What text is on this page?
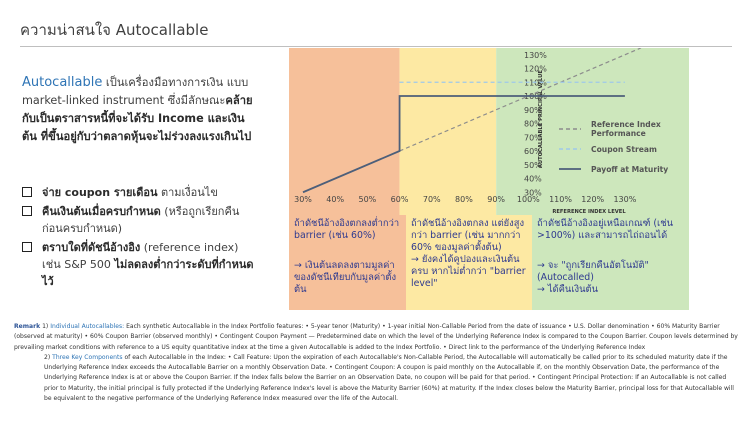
ความน่าสนใจ Autocallable
Autocallable เป็นเครื่องมือทางการเงิน แบบ market-linked instrument ซึ่งมีลักษณะคล้ายกับเป็นตราสารหนี้ที่จะได้รับ Income และเงินต้น ที่ขึ้นอยู่กับว่าตลาดหุ้นจะไม่ร่วงลงแรงเกินไป
จ่าย coupon รายเดือน ตามเงื่อนไข
คืนเงินต้นเมื่อครบกำหนด (หรือถูกเรียกคืนก่อนครบกำหนด)
ตราบใดที่ดัชนีอ้างอิง (reference index) เช่น S&P 500 ไม่ลดลงต่ำกว่าระดับที่กำหนดไว้
30%
40%
50%
60%
70%
80%
90%
100%
110%
120%
130%
30% 40% 50% 60% 70% 80% 90% 100% 110% 120% 130%
REFERENCE INDEX LEVEL
AUTOCALLABLE PRINCIPAL VALUE	Reference Index
Performance
Coupon Stream
Payoff at Maturity
ถ้าดัชนีอ้างอิงตกลงต่ำกว่า barrier (เช่น 60%)
→ เงินต้นลดลงตามมูลค่าของดัชนีเทียบกับมูลค่าตั้งต้น
ถ้าดัชนีอ้างอิงตกลง แต่ยังสูงกว่า barrier (เช่น มากกว่า 60% ของมูลค่าตั้งต้น)
→ ยังคงได้คูปองและเงินต้นครบ หากไม่ต่ำกว่า "barrier level"
ถ้าดัชนีอ้างอิงอยู่เหนือเกณฑ์ (เช่น >100%) และสามารถไถ่ถอนได้
→ จะ "ถูกเรียกคืนอัตโนมัติ" (Autocalled)
→ ได้คืนเงินต้น

Remark 1) Individual Autocallables: Each synthetic Autocallable in the Index Portfolio features: • 5-year tenor (Maturity) • 1-year initial Non-Callable Period from the date of issuance • U.S. Dollar denomination • 60% Maturity Barrier (observed at maturity) • 60% Coupon Barrier (observed monthly) • Contingent Coupon Payment — Predetermined date on which the level of the Underlying Reference Index is compared to the Coupon Barrier. Coupon levels determined by prevailing market conditions with reference to a US equity quantitative index at the time a given Autocallable is added to the Index Portfolio. • Direct link to the performance of the Underlying Reference Index

2) Three Key Components of each Autocallable in the Index: • Call Feature: Upon the expiration of each Autocallable's Non-Callable Period, the Autocallable will automatically be called prior to its scheduled maturity date if the Underlying Reference Index exceeds the Autocallable Barrier on a monthly Observation Date. • Contingent Coupon: A coupon is paid monthly on the Autocallable if, on the monthly Observation Date, the performance of the Underlying Reference Index is at or above the Coupon Barrier. If the Index falls below the Barrier on an Observation Date, no coupon will be paid for that period. • Contingent Principal Protection: If an Autocallable is not called prior to Maturity, the initial principal is fully protected if the Underlying Reference Index's level is above the Maturity Barrier (60%) at maturity. If the Index closes below the Maturity Barrier, principal loss for that Autocallable will be equivalent to the negative performance of the Underlying Reference Index measured over the life of the Autocall.
